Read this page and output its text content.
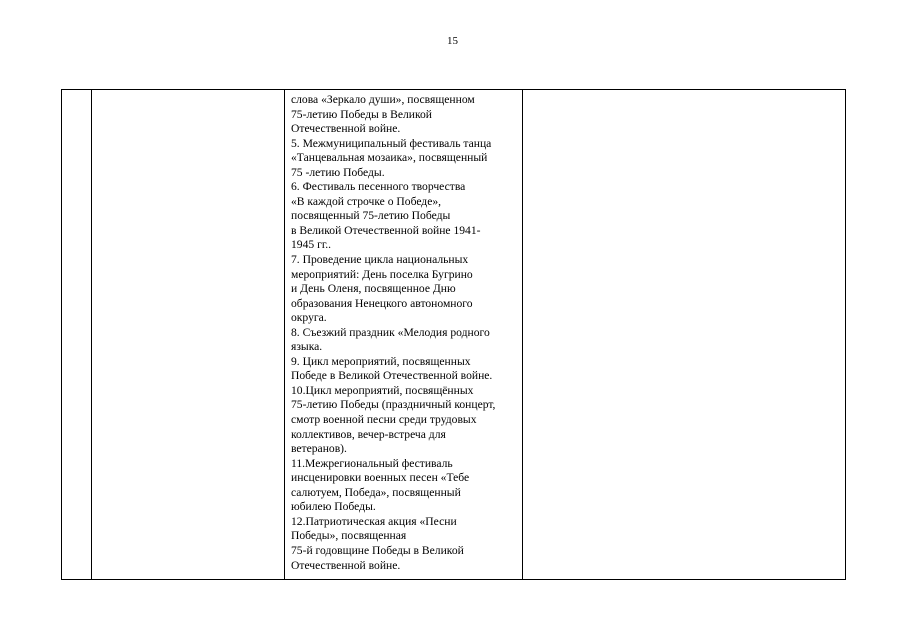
15

слова «Зеркало души», посвященном
75-летию Победы в Великой
Отечественной войне.
5. Межмуниципальный фестиваль танца
«Танцевальная мозаика», посвященный
75 -летию Победы.
6. Фестиваль песенного творчества
«В каждой строчке о Победе»,
посвященный 75-летию Победы
в Великой Отечественной войне 1941-
1945 гг..
7. Проведение цикла национальных
мероприятий: День поселка Бугрино
и День Оленя, посвященное Дню
образования Ненецкого автономного
округа.
8. Съезжий праздник «Мелодия родного
языка.
9. Цикл мероприятий, посвященных
Победе в Великой Отечественной войне.
10.Цикл мероприятий, посвящённых
75-летию Победы (праздничный концерт,
смотр военной песни среди трудовых
коллективов, вечер-встреча для
ветеранов).
11.Межрегиональный фестиваль
инсценировки военных песен «Тебе
салютуем, Победа», посвященный
юбилею Победы.
12.Патриотическая акция «Песни
Победы», посвященная
75-й годовщине Победы в Великой
Отечественной войне.
